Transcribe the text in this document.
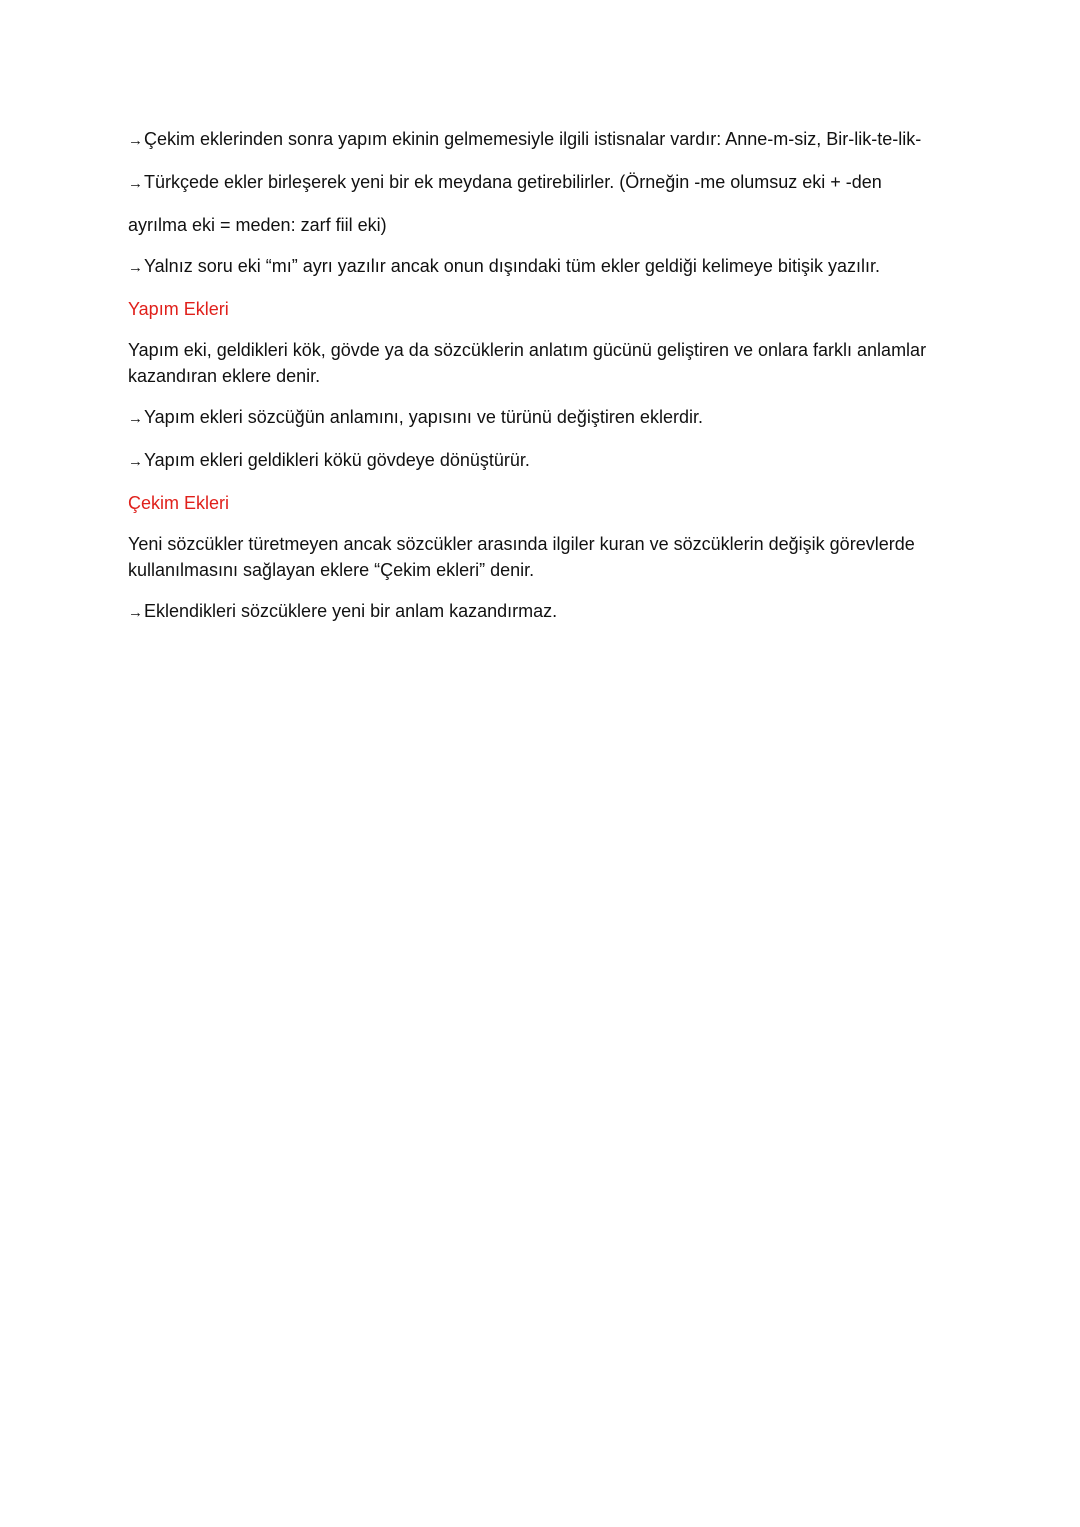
→Çekim eklerinden sonra yapım ekinin gelmemesiyle ilgili istisnalar vardır: Anne-m-siz, Bir-lik-te-lik-

→Türkçede ekler birleşerek yeni bir ek meydana getirebilirler. (Örneğin -me olumsuz eki + -den

ayrılma eki = meden: zarf fiil eki)

→Yalnız soru eki “mı” ayrı yazılır ancak onun dışındaki tüm ekler geldiği kelimeye bitişik yazılır.

Yapım Ekleri

Yapım eki, geldikleri kök, gövde ya da sözcüklerin anlatım gücünü geliştiren ve onlara farklı anlamlar kazandıran eklere denir.

→Yapım ekleri sözcüğün anlamını, yapısını ve türünü değiştiren eklerdir.

→Yapım ekleri geldikleri kökü gövdeye dönüştürür.

Çekim Ekleri

Yeni sözcükler türetmeyen ancak sözcükler arasında ilgiler kuran ve sözcüklerin değişik görevlerde kullanılmasını sağlayan eklere “Çekim ekleri” denir.

→Eklendikleri sözcüklere yeni bir anlam kazandırmaz.
